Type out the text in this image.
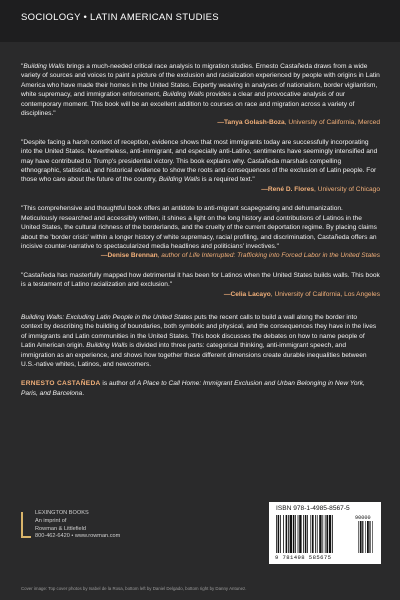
SOCIOLOGY • LATIN AMERICAN STUDIES

"Building Walls brings a much-needed critical race analysis to migration studies. Ernesto Castañeda draws from a wide variety of sources and voices to paint a picture of the exclusion and racialization experienced by people with origins in Latin America who have made their homes in the United States. Expertly weaving in analyses of nationalism, border vigilantism, white supremacy, and immigration enforcement, Building Walls provides a clear and provocative analysis of our contemporary moment. This book will be an excellent addition to courses on race and migration across a variety of disciplines."

—Tanya Golash-Boza, University of California, Merced

"Despite facing a harsh context of reception, evidence shows that most immigrants today are successfully incorporating into the United States. Nevertheless, anti-immigrant, and especially anti-Latino, sentiments have seemingly intensified and may have contributed to Trump's presidential victory. This book explains why. Castañeda marshals compelling ethnographic, statistical, and historical evidence to show the roots and consequences of the exclusion of Latin people. For those who care about the future of the country, Building Walls is a required text."

—René D. Flores, University of Chicago

"This comprehensive and thoughtful book offers an antidote to anti-migrant scapegoating and dehumanization. Meticulously researched and accessibly written, it shines a light on the long history and contributions of Latinos in the United States, the cultural richness of the borderlands, and the cruelty of the current deportation regime. By placing claims about the 'border crisis' within a longer history of white supremacy, racial profiling, and discrimination, Castañeda offers an incisive counter-narrative to spectacularized media headlines and politicians' invectives."

—Denise Brennan, author of Life Interrupted: Trafficking into Forced Labor in the United States

"Castañeda has masterfully mapped how detrimental it has been for Latinos when the United States builds walls. This book is a testament of Latino racialization and exclusion."

—Celia Lacayo, University of California, Los Angeles

Building Walls: Excluding Latin People in the United States puts the recent calls to build a wall along the border into context by describing the building of boundaries, both symbolic and physical, and the consequences they have in the lives of immigrants and Latin communities in the United States. This book discusses the debates on how to name people of Latin American origin. Building Walls is divided into three parts: categorical thinking, anti-immigrant speech, and immigration as an experience, and shows how together these different dimensions create durable inequalities between U.S.-native whites, Latinos, and newcomers.

ERNESTO CASTAÑEDA is author of A Place to Call Home: Immigrant Exclusion and Urban Belonging in New York, Paris, and Barcelona.

LEXINGTON BOOKS
An imprint of
Rowman & Littlefield
800-462-6420 • www.rowman.com
ISBN 978-1-4985-8567-5
90000
9 781498 585675
Cover image: Top cover photos by Isabel de la Rosa, bottom left by Daniel Delgado, bottom right by Danny Antunez.
